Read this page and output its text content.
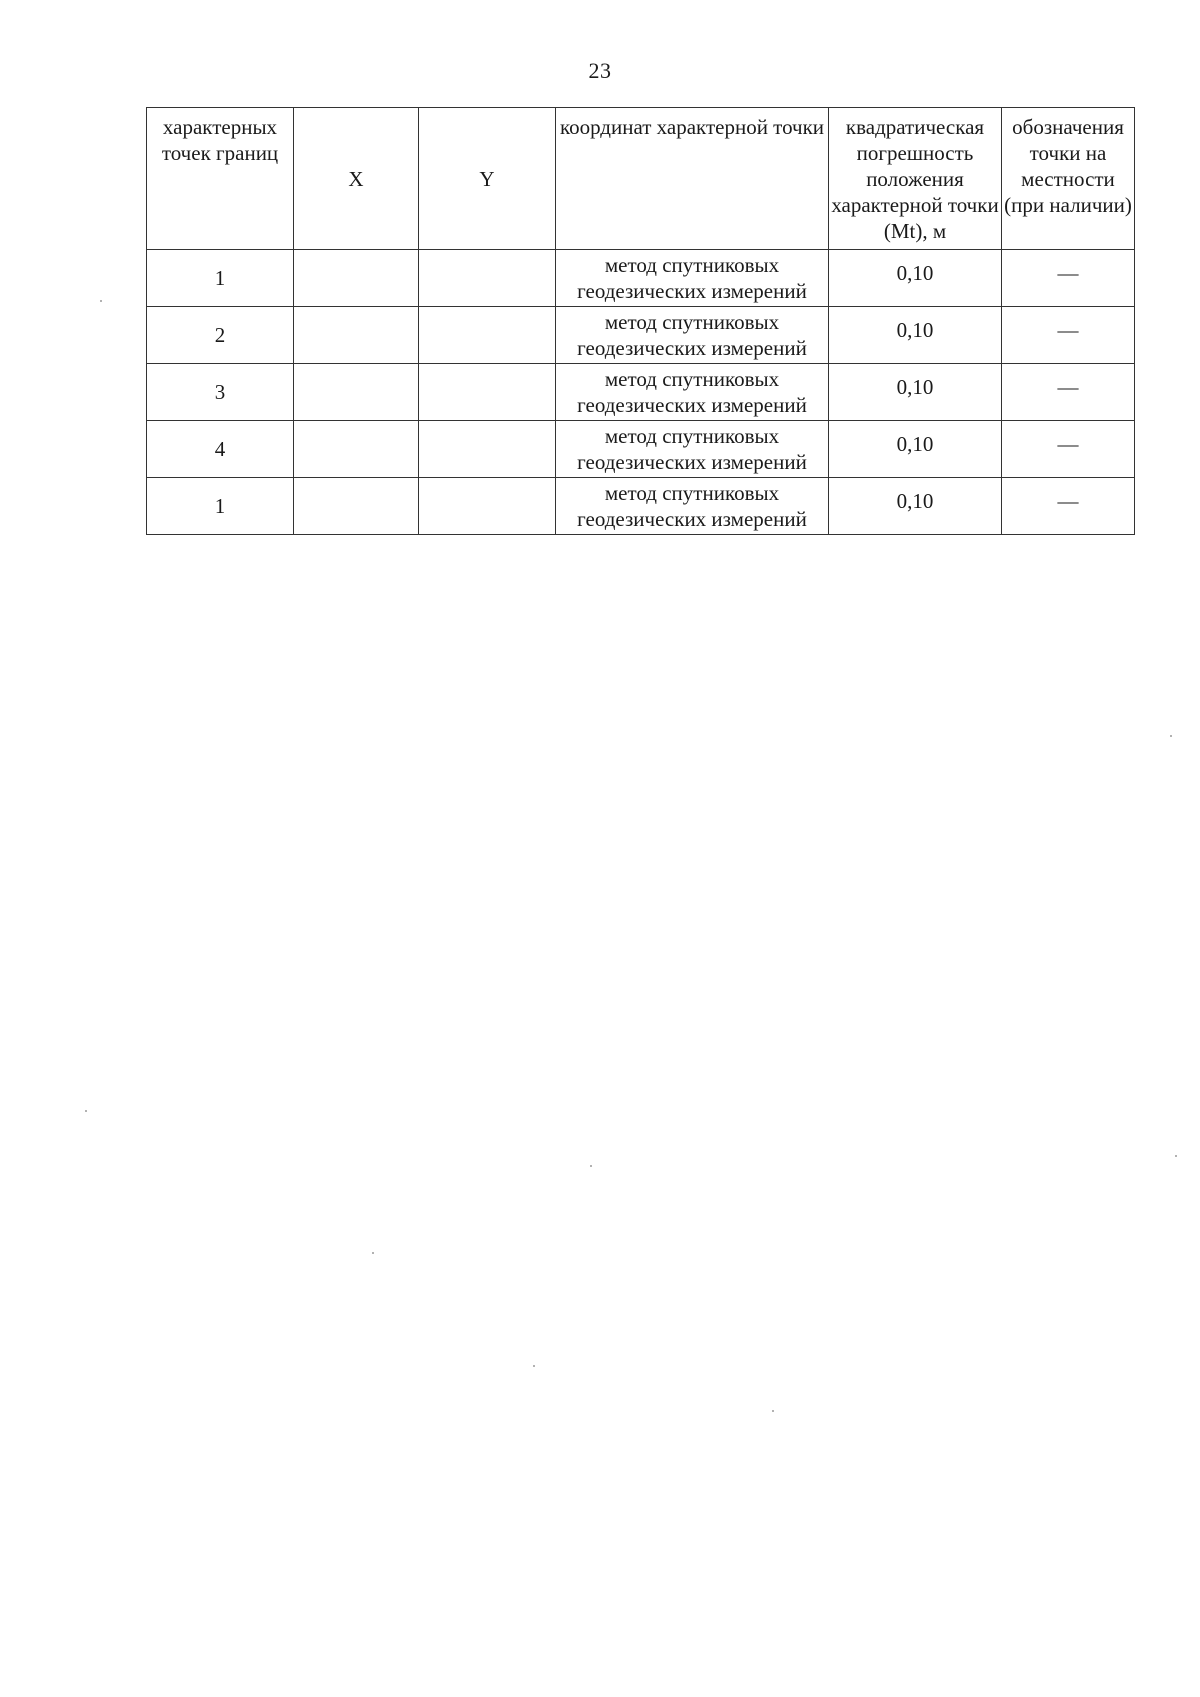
23
характерных точек границ	X	Y	координат характерной точки	квадратическая погрешность положения характерной точки (Mt), м	обозначения точки на местности (при наличии)
1			метод спутниковых геодезических измерений	0,10	—
2			метод спутниковых геодезических измерений	0,10	—
3			метод спутниковых геодезических измерений	0,10	—
4			метод спутниковых геодезических измерений	0,10	—
1			метод спутниковых геодезических измерений	0,10	—
